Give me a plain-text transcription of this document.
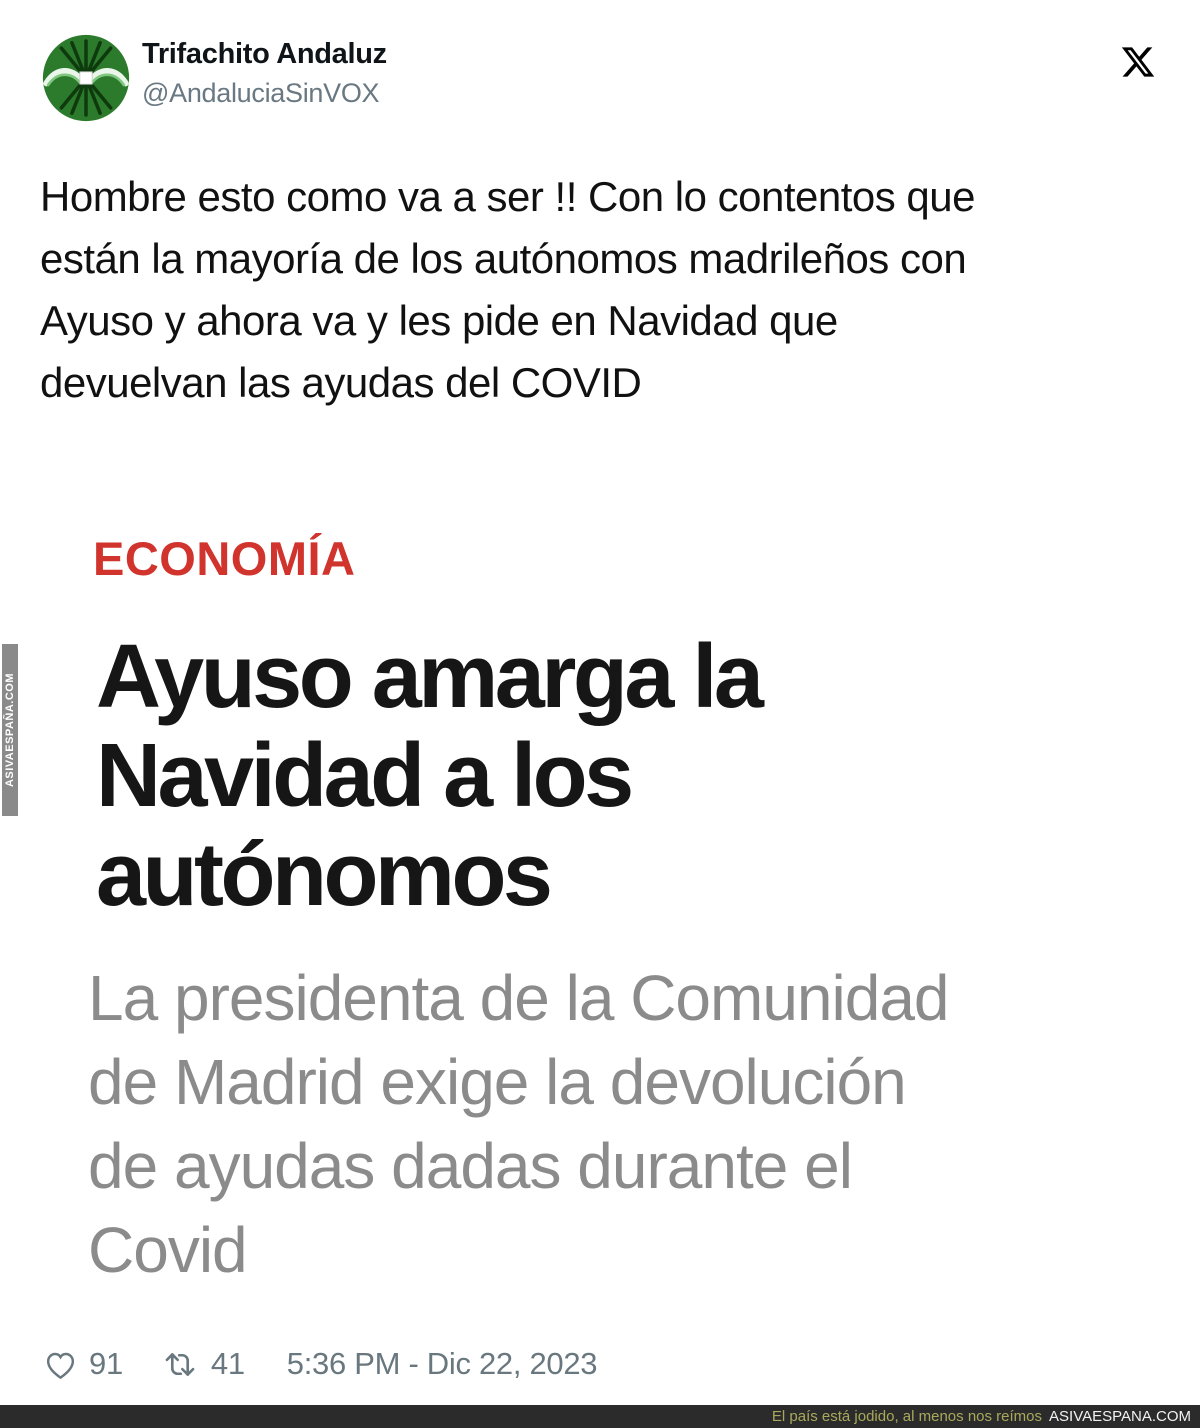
Trifachito Andaluz
@AndaluciaSinVOX
Hombre esto como va a ser !! Con lo contentos que
están la mayoría de los autónomos madrileños con
Ayuso y ahora va y les pide en Navidad que
devuelvan las ayudas del COVID
ECONOMÍA
Ayuso amarga la
Navidad a los
autónomos
La presidenta de la Comunidad
de Madrid exige la devolución
de ayudas dadas durante el
Covid
91	41 5:36 PM - Dic 22, 2023
ASIVAESPAÑA.COM
El país está jodido, al menos nos reímos ASIVAESPANA.COM
